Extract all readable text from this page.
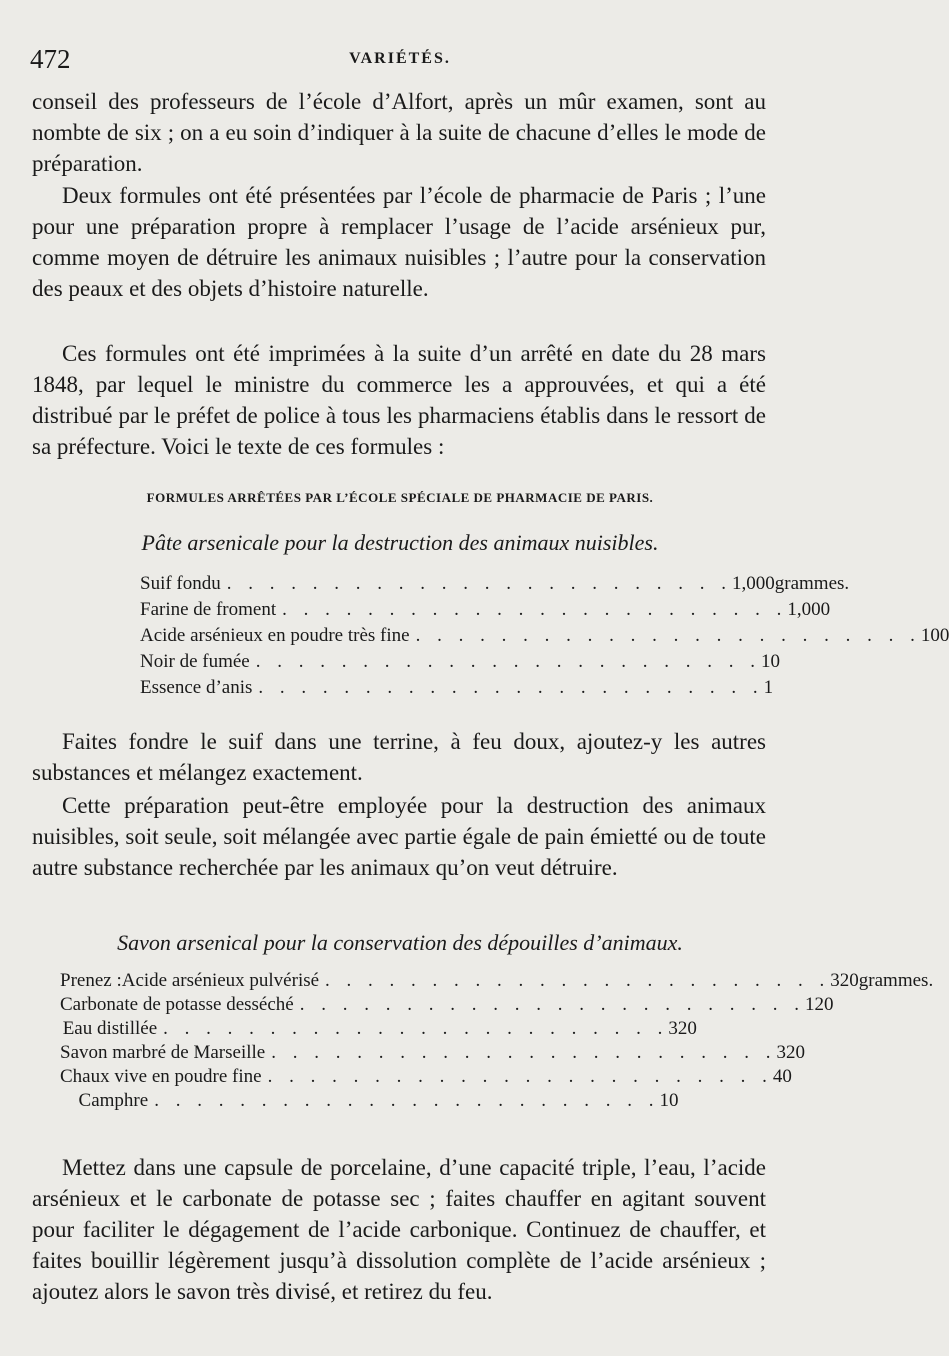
472	VARIÉTÉS.

conseil des professeurs de l’école d’Alfort, après un mûr examen, sont au nombte de six ; on a eu soin d’indiquer à la suite de chacune d’elles le mode de préparation.

Deux formules ont été présentées par l’école de pharmacie de Paris ; l’une pour une préparation propre à remplacer l’usage de l’acide arsénieux pur, comme moyen de détruire les animaux nuisibles ; l’autre pour la conservation des peaux et des objets d’histoire naturelle.

Ces formules ont été imprimées à la suite d’un arrêté en date du 28 mars 1848, par lequel le ministre du commerce les a approuvées, et qui a été distribué par le préfet de police à tous les pharmaciens établis dans le ressort de sa préfecture. Voici le texte de ces formules :

FORMULES ARRÊTÉES PAR L’ÉCOLE SPÉCIALE DE PHARMACIE DE PARIS.
Pâte arsenicale pour la destruction des animaux nuisibles.
Suif fondu . . . . . . . . . . . . . . . . . . . . . . . . 1,000 grammes.
Farine de froment . . . . . . . . . . . . . . . . . . . . . . . . 1,000
Acide arsénieux en poudre très fine . . . . . . . . . . . . . . . . . . . . . . . . 100
Noir de fumée . . . . . . . . . . . . . . . . . . . . . . . . 10
Essence d’anis . . . . . . . . . . . . . . . . . . . . . . . . 1

Faites fondre le suif dans une terrine, à feu doux, ajoutez-y les autres substances et mélangez exactement.

Cette préparation peut-être employée pour la destruction des animaux nuisibles, soit seule, soit mélangée avec partie égale de pain émietté ou de toute autre substance recherchée par les animaux qu’on veut détruire.

Savon arsenical pour la conservation des dépouilles d’animaux.
Prenez : Acide arsénieux pulvérisé . . . . . . . . . . . . . . . . . . . . . . . . 320 grammes.
Carbonate de potasse desséché . . . . . . . . . . . . . . . . . . . . . . . . 120
Eau distillée . . . . . . . . . . . . . . . . . . . . . . . . 320
Savon marbré de Marseille . . . . . . . . . . . . . . . . . . . . . . . . 320
Chaux vive en poudre fine . . . . . . . . . . . . . . . . . . . . . . . . 40
Camphre . . . . . . . . . . . . . . . . . . . . . . . . 10

Mettez dans une capsule de porcelaine, d’une capacité triple, l’eau, l’acide arsénieux et le carbonate de potasse sec ; faites chauffer en agitant souvent pour faciliter le dégagement de l’acide carbonique. Continuez de chauffer, et faites bouillir légèrement jusqu’à dissolution complète de l’acide arsénieux ; ajoutez alors le savon très divisé, et retirez du feu.
